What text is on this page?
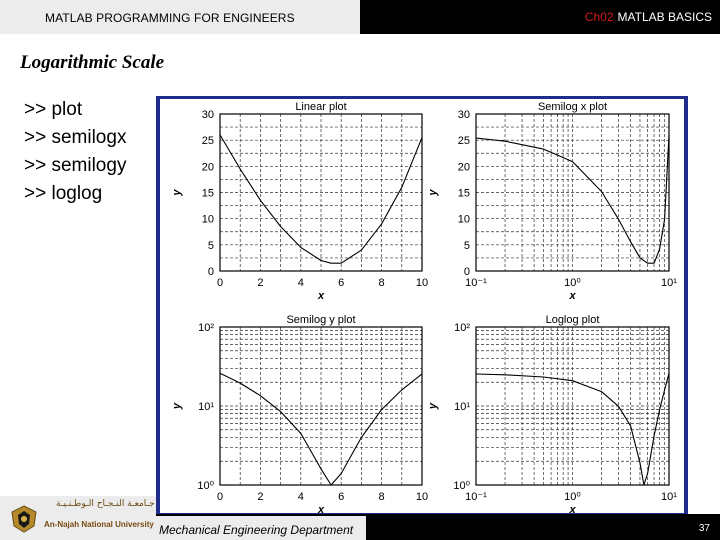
MATLAB PROGRAMMING FOR ENGINEERS	Ch02 MATLAB BASICS
Logarithmic Scale
>> plot
>> semilogx
>> semilogy
>> loglog
Linear plot
0	2	4	6	8	10
0
5
10
15
20
25
30
x
y
Semilog x plot
10⁻¹	10⁰	10¹
0
5
10
15
20
25
30
x
y
Semilog y plot
0	2	4	6	8	10
10⁰
10¹
10²
x
y
Loglog plot
10⁻¹	10⁰	10¹
10⁰
10¹
10²
x
y
جـامعـة النـجـاح الـوطـنـيـة
An-Najah National University Mechanical Engineering Department	37
